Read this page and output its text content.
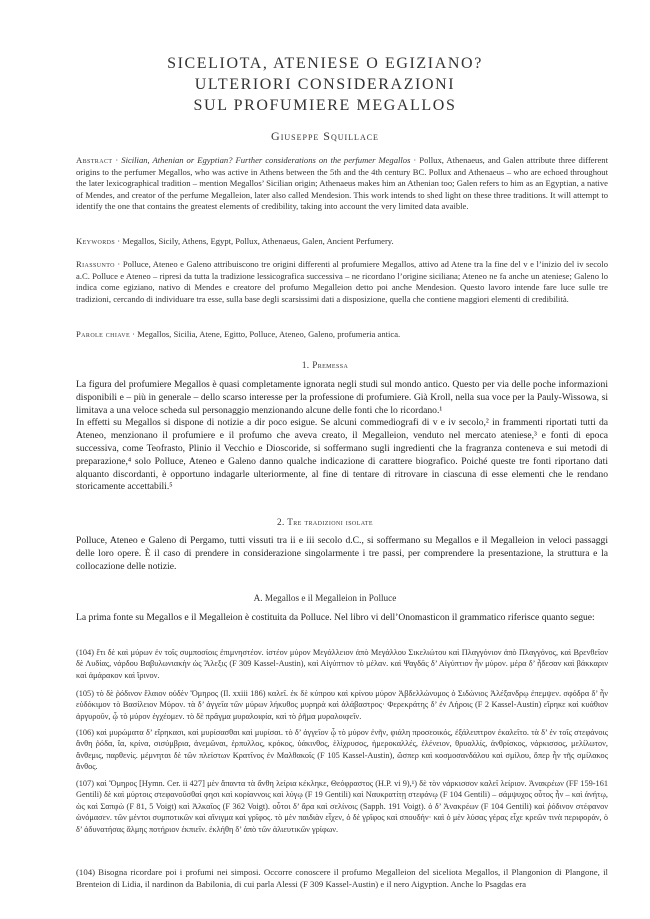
SICELIOTA, ATENIESE O EGIZIANO?
ULTERIORI CONSIDERAZIONI
SUL PROFUMIERE MEGALLOS
Giuseppe Squillace
Abstract · Sicilian, Athenian or Egyptian? Further considerations on the perfumer Megallos · Pollux, Athenaeus, and Galen attribute three different origins to the perfumer Megallos, who was active in Athens between the 5th and the 4th century BC. Pollux and Athenaeus – who are echoed throughout the later lexicographical tradition – mention Megallos’ Sicilian origin; Athenaeus makes him an Athenian too; Galen refers to him as an Egyptian, a native of Mendes, and creator of the perfume Megalleion, later also called Mendesion. This work intends to shed light on these three traditions. It will attempt to identify the one that contains the greatest elements of credibility, taking into account the very limited data avaible.
Keywords · Megallos, Sicily, Athens, Egypt, Pollux, Athenaeus, Galen, Ancient Perfumery.
Riassunto · Polluce, Ateneo e Galeno attribuiscono tre origini differenti al profumiere Megallos, attivo ad Atene tra la fine del v e l’inizio del iv secolo a.C. Polluce e Ateneo – ripresi da tutta la tradizione lessicografica successiva – ne ricordano l’origine siciliana; Ateneo ne fa anche un ateniese; Galeno lo indica come egiziano, nativo di Mendes e creatore del profumo Megalleion detto poi anche Mendesion. Questo lavoro intende fare luce sulle tre tradizioni, cercando di individuare tra esse, sulla base degli scarsissimi dati a disposizione, quella che contiene maggiori elementi di credibilità.
Parole chiave · Megallos, Sicilia, Atene, Egitto, Polluce, Ateneo, Galeno, profumeria antica.
1. Premessa
La figura del profumiere Megallos è quasi completamente ignorata negli studi sul mondo antico. Questo per via delle poche informazioni disponibili e – più in generale – dello scarso interesse per la professione di profumiere. Già Kroll, nella sua voce per la Pauly-Wissowa, si limitava a una veloce scheda sul personaggio menzionando alcune delle fonti che lo ricordano.¹
In effetti su Megallos si dispone di notizie a dir poco esigue. Se alcuni commediografi di v e iv secolo,² in frammenti riportati tutti da Ateneo, menzionano il profumiere e il profumo che aveva creato, il Megalleion, venduto nel mercato ateniese,³ e fonti di epoca successiva, come Teofrasto, Plinio il Vecchio e Dioscoride, si soffermano sugli ingredienti che la fragranza conteneva e sui metodi di preparazione,⁴ solo Polluce, Ateneo e Galeno danno qualche indicazione di carattere biografico. Poiché queste tre fonti riportano dati alquanto discordanti, è opportuno indagarle ulteriormente, al fine di tentare di ritrovare in ciascuna di esse elementi che le rendano storicamente accettabili.⁵
2. Tre tradizioni isolate
Polluce, Ateneo e Galeno di Pergamo, tutti vissuti tra ii e iii secolo d.C., si soffermano su Megallos e il Megalleion in veloci passaggi delle loro opere. È il caso di prendere in considerazione singolarmente i tre passi, per comprendere la presentazione, la struttura e la collocazione delle notizie.
A. Megallos e il Megalleion in Polluce
La prima fonte su Megallos e il Megalleion è costituita da Polluce. Nel libro vi dell’Onomasticon il grammatico riferisce quanto segue:
(104) ἔτι δὲ καὶ μύρων ἐν τοῖς συμποσίοις ἐπιμνηστέον. ἰστέον μύρον Μεγάλλειον ἀπὸ Μεγάλλου Σικελιώτου καὶ Πλαγγόνιον ἀπὸ Πλαγγόνος, καὶ Βρενθεῖον δὲ Λυδίας, νάρδου Βαβυλωνιακὴν ὡς Ἄλεξις (F 309 Kassel-Austin), καὶ Αἰγύπτιον τὸ μέλαν. καὶ Ψαγδᾶς δ’ Αἰγύπτιον ἦν μύρον. μέρα δ’ ἦδεσαν καὶ βάκκαριν καὶ ἀμάρακον καὶ ἴρινον.
(105) τὸ δὲ ῥόδινον ἔλαιον οὐδὲν Ὅμηρος (Il. xxiii 186) καλεῖ. ἐκ δὲ κύπρου καὶ κρίνου μύρον Ἀβδελλώνυμος ὁ Σιδώνιος Ἀλέξανδρῳ ἐπεμψεν. σφόδρα δ’ ἦν εὐδόκιμον τὸ Βασίλειον Μύρον. τὰ δ’ ἀγγεῖα τῶν μύρων λήκυθος μυρηρὰ καὶ ἀλάβαστρος· Φερεκράτης δ’ ἐν Λήροις (F 2 Kassel-Austin) εἴρηκε καὶ κυάθιον ἀργυροῦν, ᾧ τὸ μύρον ἐγχέομεν. τὸ δὲ πρᾶγμα μυραλοιφία, καὶ τὸ ῥῆμα μυραλοιφεῖν.
(106) καὶ μυρώματα δ’ εἴρηκασι, καὶ μυρίσασθαι καὶ μυρίσαι. τὸ δ’ ἀγγεῖον ᾧ τὸ μύρον ἐνῆν, φιάλη προσεοικός, ἐξάλειπτρον ἐκαλεῖτο. τὰ δ’ ἐν τοῖς στεφάνοις ἄνθη ῥόδα, ἴα, κρίνα, σισύμβρια, ἀνεμῶναι, ἑρπυλλος, κρόκος, ὑάκινθος, ἑλίχρυσος, ἡμεροκαλλές, ἑλένειον, θρυαλλίς, ἀνθρίσκος, νάρκισσος, μελίλωτον, ἄνθεμις, παρθενίς. μέμνηται δὲ τῶν πλείστων Κρατῖνος ἐν Μαλθακοῖς (F 105 Kassel-Austin), ὥσπερ καὶ κοσμοσανδάλου καὶ σμίλου, ὅπερ ἦν τῆς σμίλακος ἄνθος.
(107) καὶ Ὅμηρος [Hymn. Cer. ii 427] μὲν ἅπαντα τὰ ἄνθη λείρια κέκληκε, Θεόφραστος (H.P. vi 9),¹) δὲ τὸν νάρκισσον καλεῖ λείριον. Ἀνακρέων (FF 159-161 Gentili) δὲ καὶ μύρτοις στεφανοῦσθαί φησι καὶ κορίαννοις καὶ λύγῳ (F 19 Gentili) καὶ Ναυκρατίτῃ στεφάνῳ (F 104 Gentili) – σάμψυχος οὗτος ἦν – καὶ ἀνήτῳ, ὡς καὶ Σαπφὼ (F 81, 5 Voigt) καὶ Ἀλκαῖος (F 362 Voigt). οὗτοι δ’ ἄρα καὶ σελίνοις (Sapph. 191 Voigt). ὁ δ’ Ἀνακρέων (F 104 Gentili) καὶ ῥόδινον στέφανον ὠνόμασεν. τῶν μέντοι συμποτικῶν καὶ αἴνιγμα καὶ γρῖφος. τὸ μὲν παιδιὰν εἶχεν, ὁ δὲ γρῖφος καὶ σπουδήν· καὶ ὁ μὲν λύσας γέρας εἶχε κρεῶν τινὰ περιφοράν, ὁ δ’ ἀδυνατήσας ἅλμης ποτήριον ἐκπιεῖν. ἐκλήθη δ’ ἀπὸ τῶν ἁλιευτικῶν γρίφων.
(104) Bisogna ricordare poi i profumi nei simposi. Occorre conoscere il profumo Megalleion del siceliota Megallos, il Plangonion di Plangone, il Brenteion di Lidia, il nardinon da Babilonia, di cui parla Alessi (F 309 Kassel-Austin) e il nero Aigyption. Anche lo Psagdas era
